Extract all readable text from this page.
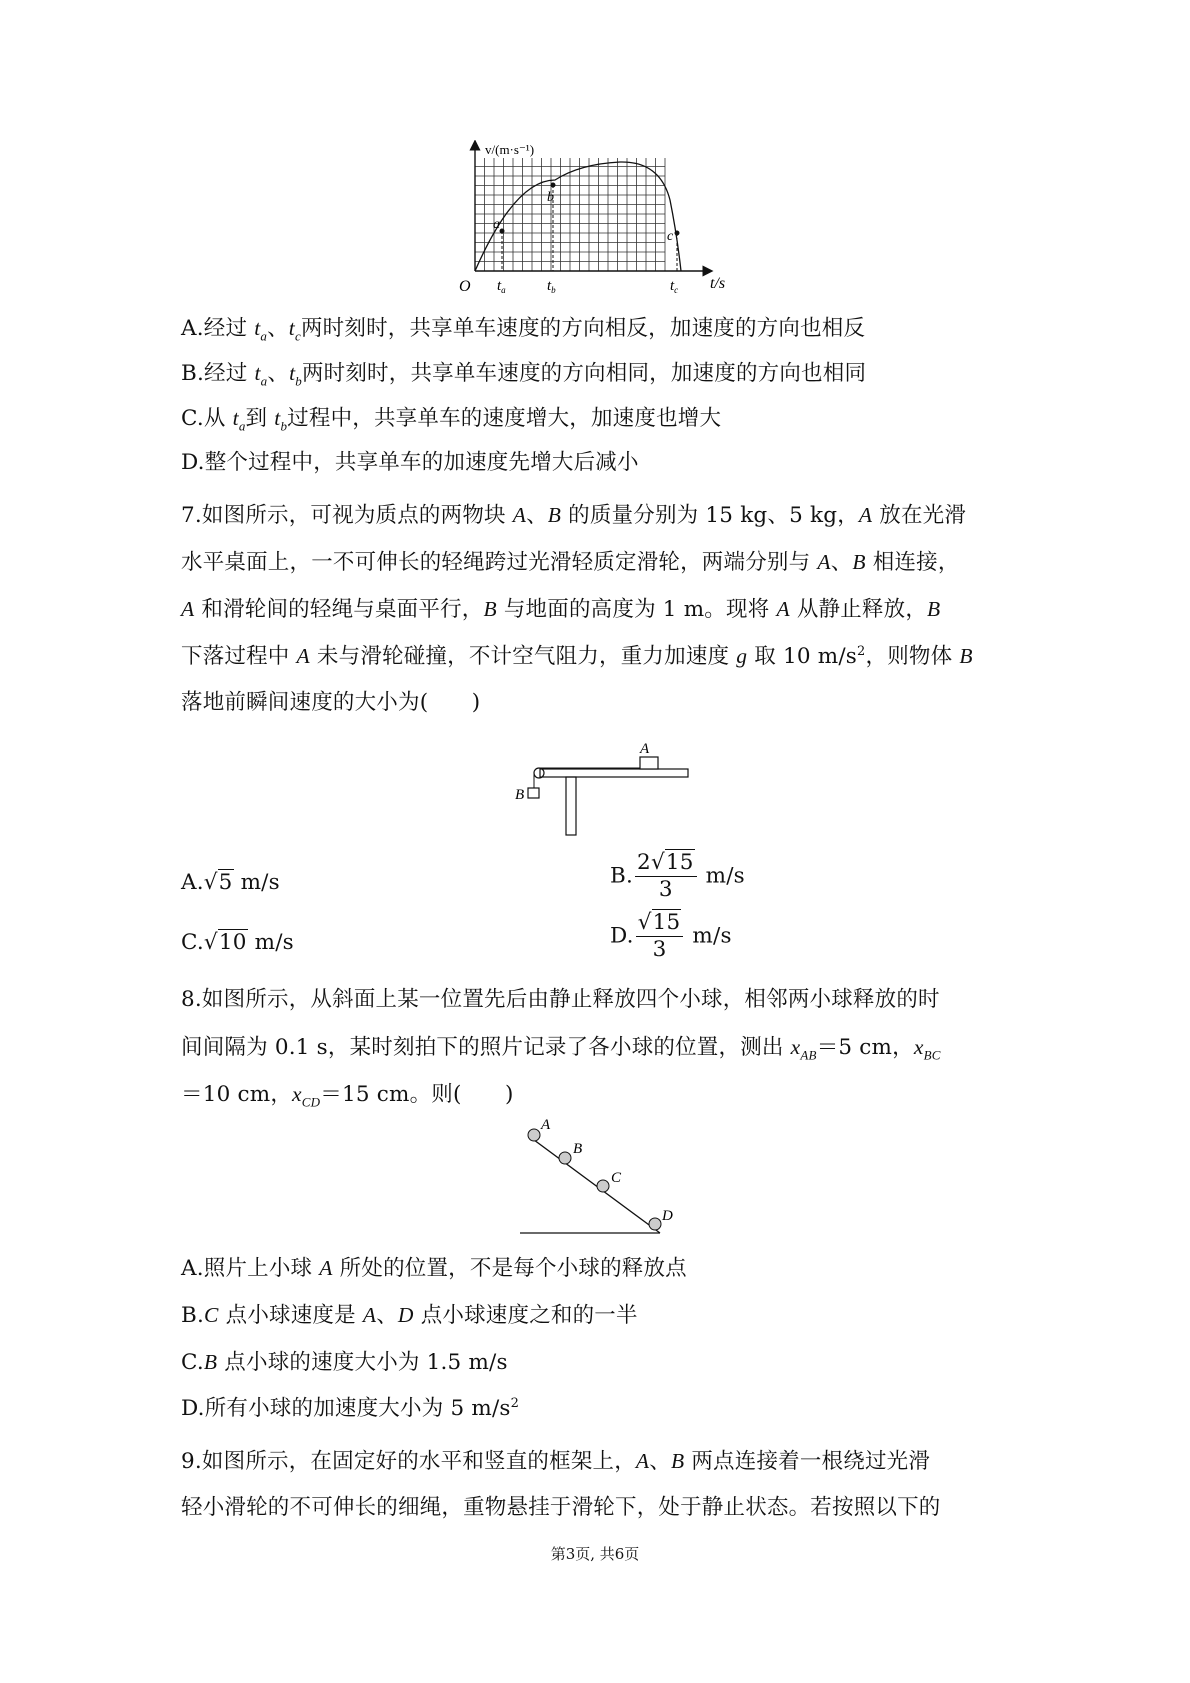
v/(m·s⁻¹)
t/s
O
a
b
c
$t_a$	$t_b$	$t_c$
A.经过 $t_a$、$t_c$两时刻时，共享单车速度的方向相反，加速度的方向也相反
B.经过 $t_a$、$t_b$两时刻时，共享单车速度的方向相同，加速度的方向也相同
C.从 $t_a$到 $t_b$过程中，共享单车的速度增大，加速度也增大
D.整个过程中，共享单车的加速度先增大后减小
7.如图所示，可视为质点的两物块 A、B 的质量分别为 15 kg、5 kg，A 放在光滑
水平桌面上，一不可伸长的轻绳跨过光滑轻质定滑轮，两端分别与 A、B 相连接，
A 和滑轮间的轻绳与桌面平行，B 与地面的高度为 1 m。现将 A 从静止释放，B
下落过程中 A 未与滑轮碰撞，不计空气阻力，重力加速度 g 取 10 $m/s^2$，则物体 B
落地前瞬间速度的大小为(　　)
A
B
A.√5 m/s	B. $\frac{2√15}{3} m/s$
C.√10 m/s	D. $\frac{√15}{3} m/s$
8.如图所示，从斜面上某一位置先后由静止释放四个小球，相邻两小球释放的时
间间隔为 0.1 s，某时刻拍下的照片记录了各小球的位置，测出 $x_{AB}=5$ cm，$x_{BC}$
＝10 cm，$x_{CD}=15$ cm。则(　　)
A
B
C
D
A.照片上小球 A 所处的位置，不是每个小球的释放点
B.C 点小球速度是 A、D 点小球速度之和的一半
C.B 点小球的速度大小为 1.5 m/s
D.所有小球的加速度大小为 5 $m/s^2$
9.如图所示，在固定好的水平和竖直的框架上，A、B 两点连接着一根绕过光滑
轻小滑轮的不可伸长的细绳，重物悬挂于滑轮下，处于静止状态。若按照以下的
第3页, 共6页
